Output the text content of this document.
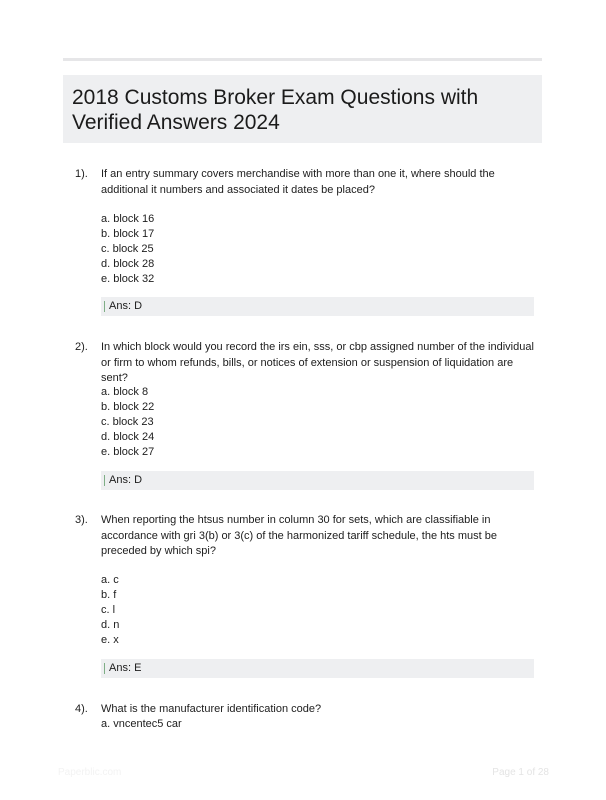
2018 Customs Broker Exam Questions with Verified Answers 2024
1). If an entry summary covers merchandise with more than one it, where should the additional it numbers and associated it dates be placed?

a. block 16
b. block 17
c. block 25
d. block 28
e. block 32
Ans: D
2). In which block would you record the irs ein, sss, or cbp assigned number of the individual or firm to whom refunds, bills, or notices of extension or suspension of liquidation are sent?

a. block 8
b. block 22
c. block 23
d. block 24
e. block 27
Ans: D
3). When reporting the htsus number in column 30 for sets, which are classifiable in accordance with gri 3(b) or 3(c) of the harmonized tariff schedule, the hts must be preceded by which spi?

a. c
b. f
c. l
d. n
e. x
Ans: E
4). What is the manufacturer identification code?

a. vncentec5 car
Paperblic.com	Page 1 of 28
